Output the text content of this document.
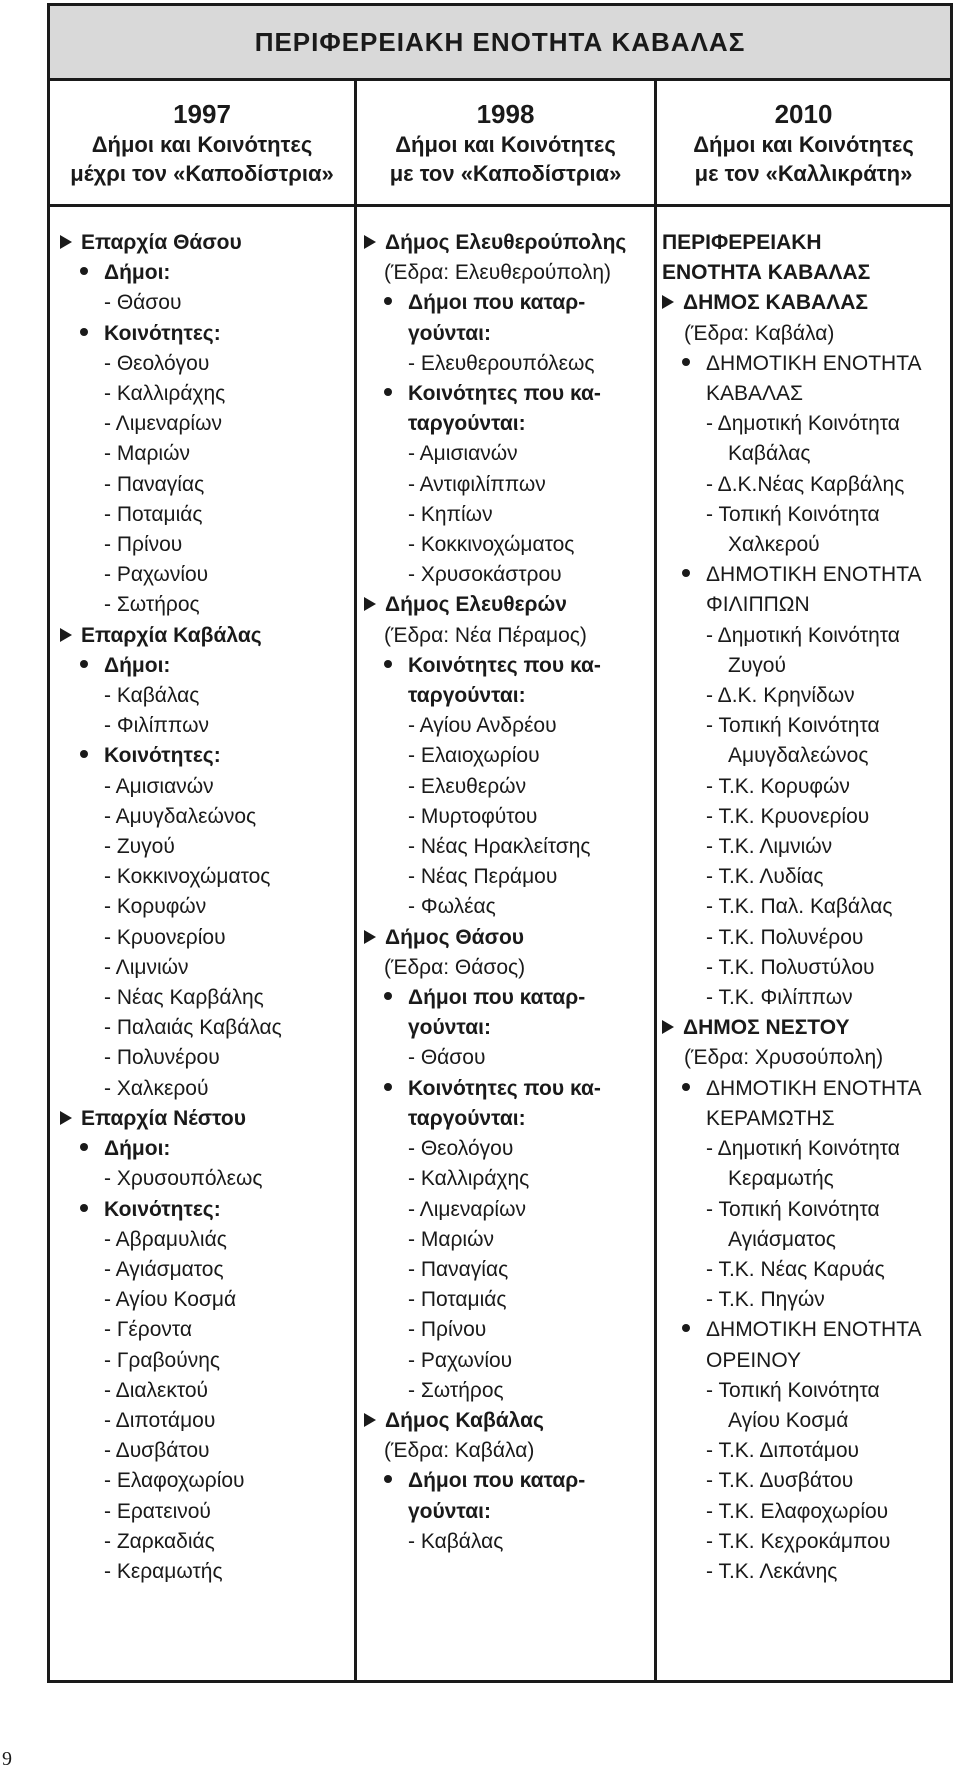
ΠΕΡΙΦΕΡΕΙΑΚΗ ΕΝΟΤΗΤΑ ΚΑΒΑΛΑΣ
1997
Δήμοι και Κοινότητες
μέχρι τον «Καποδίστρια»
1998
Δήμοι και Κοινότητες
με τον «Καποδίστρια»
2010
Δήμοι και Κοινότητες
με τον «Καλλικράτη»
Επαρχία Θάσου
Δήμοι:
- Θάσου
Κοινότητες:
- Θεολόγου
- Καλλιράχης
- Λιμεναρίων
- Μαριών
- Παναγίας
- Ποταμιάς
- Πρίνου
- Ραχωνίου
- Σωτήρος
Επαρχία Καβάλας
Δήμοι:
- Καβάλας
- Φιλίππων
Κοινότητες:
- Αμισιανών
- Αμυγδαλεώνος
- Ζυγού
- Κοκκινοχώματος
- Κορυφών
- Κρυονερίου
- Λιμνιών
- Νέας Καρβάλης
- Παλαιάς Καβάλας
- Πολυνέρου
- Χαλκερού
Επαρχία Νέστου
Δήμοι:
- Χρυσουπόλεως
Κοινότητες:
- Αβραμυλιάς
- Αγιάσματος
- Αγίου Κοσμά
- Γέροντα
- Γραβούνης
- Διαλεκτού
- Διποτάμου
- Δυσβάτου
- Ελαφοχωρίου
- Ερατεινού
- Ζαρκαδιάς
- Κεραμωτής
Δήμος Ελευθερούπολης
(Έδρα: Ελευθερούπολη)
Δήμοι που καταρ-
γούνται:
- Ελευθερουπόλεως
Κοινότητες που κα-
ταργούνται:
- Αμισιανών
- Αντιφιλίππων
- Κηπίων
- Κοκκινοχώματος
- Χρυσοκάστρου
Δήμος Ελευθερών
(Έδρα: Νέα Πέραμος)
Κοινότητες που κα-
ταργούνται:
- Αγίου Ανδρέου
- Ελαιοχωρίου
- Ελευθερών
- Μυρτοφύτου
- Νέας Ηρακλείτσης
- Νέας Περάμου
- Φωλέας
Δήμος Θάσου
(Έδρα: Θάσος)
Δήμοι που καταρ-
γούνται:
- Θάσου
Κοινότητες που κα-
ταργούνται:
- Θεολόγου
- Καλλιράχης
- Λιμεναρίων
- Μαριών
- Παναγίας
- Ποταμιάς
- Πρίνου
- Ραχωνίου
- Σωτήρος
Δήμος Καβάλας
(Έδρα: Καβάλα)
Δήμοι που καταρ-
γούνται:
- Καβάλας
ΠΕΡΙΦΕΡΕΙΑΚΗ
ΕΝΟΤΗΤΑ ΚΑΒΑΛΑΣ
ΔΗΜΟΣ ΚΑΒΑΛΑΣ
(Έδρα: Καβάλα)
ΔΗΜΟΤΙΚΗ ΕΝΟΤΗΤΑ
ΚΑΒΑΛΑΣ
- Δημοτική Κοινότητα
Καβάλας
- Δ.Κ.Νέας Καρβάλης
- Τοπική Κοινότητα
Χαλκερού
ΔΗΜΟΤΙΚΗ ΕΝΟΤΗΤΑ
ΦΙΛΙΠΠΩΝ
- Δημοτική Κοινότητα
Ζυγού
- Δ.Κ. Κρηνίδων
- Τοπική Κοινότητα
Αμυγδαλεώνος
- Τ.Κ. Κορυφών
- Τ.Κ. Κρυονερίου
- Τ.Κ. Λιμνιών
- Τ.Κ. Λυδίας
- Τ.Κ. Παλ. Καβάλας
- Τ.Κ. Πολυνέρου
- Τ.Κ. Πολυστύλου
- Τ.Κ. Φιλίππων
ΔΗΜΟΣ ΝΕΣΤΟΥ
(Έδρα: Χρυσούπολη)
ΔΗΜΟΤΙΚΗ ΕΝΟΤΗΤΑ
ΚΕΡΑΜΩΤΗΣ
- Δημοτική Κοινότητα
Κεραμωτής
- Τοπική Κοινότητα
Αγιάσματος
- Τ.Κ. Νέας Καρυάς
- Τ.Κ. Πηγών
ΔΗΜΟΤΙΚΗ ΕΝΟΤΗΤΑ
ΟΡΕΙΝΟΥ
- Τοπική Κοινότητα
Αγίου Κοσμά
- Τ.Κ. Διποτάμου
- Τ.Κ. Δυσβάτου
- Τ.Κ. Ελαφοχωρίου
- Τ.Κ. Κεχροκάμπου
- Τ.Κ. Λεκάνης
9
